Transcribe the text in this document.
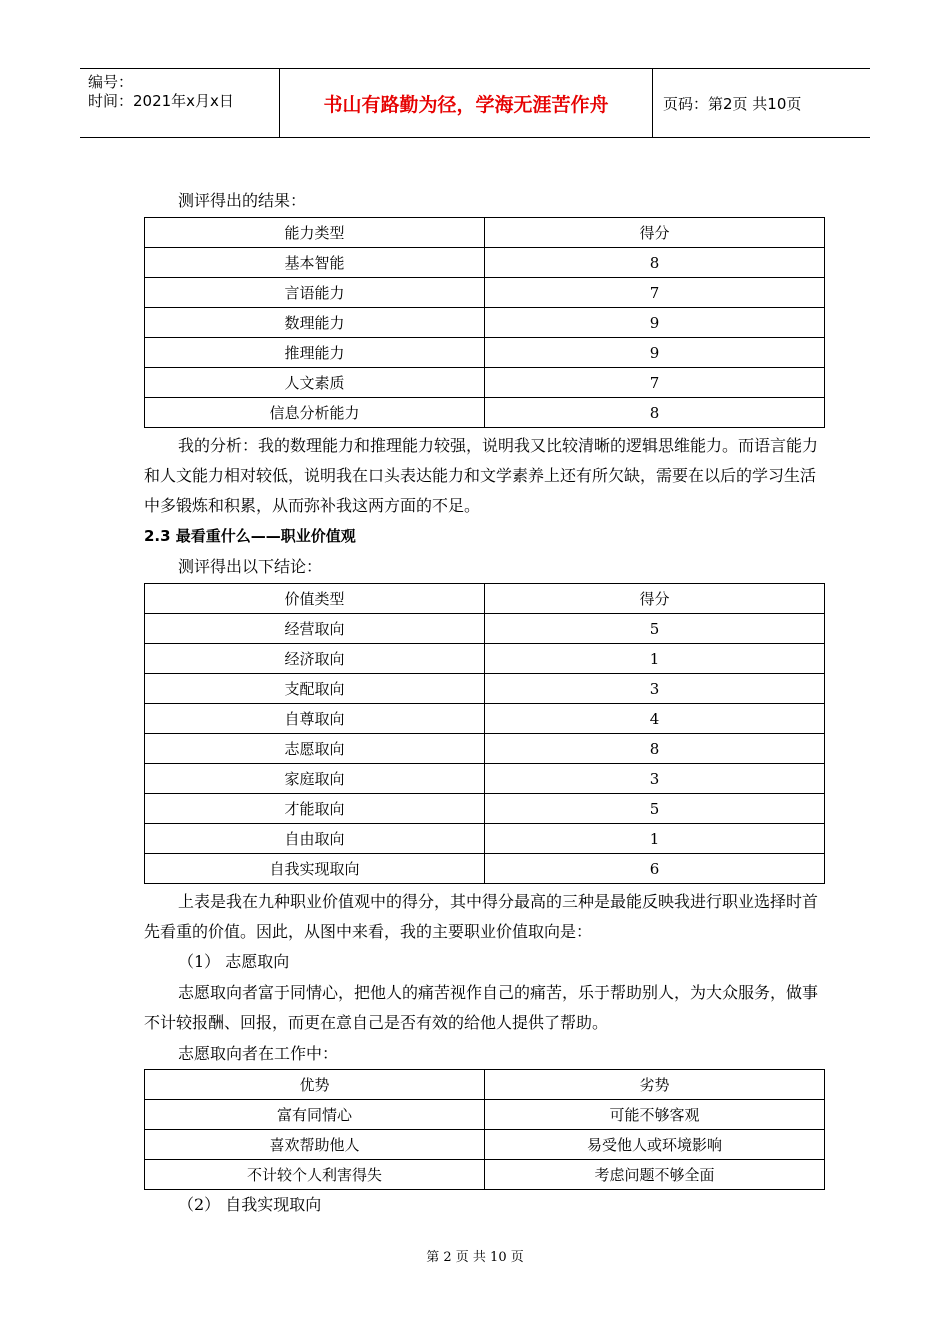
编号：
时间：2021年x月x日	书山有路勤为径，学海无涯苦作舟	页码：第2页 共10页
测评得出的结果：
能力类型	得分
基本智能	8
言语能力	7
数理能力	9
推理能力	9
人文素质	7
信息分析能力	8
我的分析：我的数理能力和推理能力较强，说明我又比较清晰的逻辑思维能力。而语言能力和人文能力相对较低，说明我在口头表达能力和文学素养上还有所欠缺，需要在以后的学习生活中多锻炼和积累，从而弥补我这两方面的不足。
2.3 最看重什么——职业价值观
测评得出以下结论：
价值类型	得分
经营取向	5
经济取向	1
支配取向	3
自尊取向	4
志愿取向	8
家庭取向	3
才能取向	5
自由取向	1
自我实现取向	6
上表是我在九种职业价值观中的得分，其中得分最高的三种是最能反映我进行职业选择时首先看重的价值。因此，从图中来看，我的主要职业价值取向是：
（1） 志愿取向
志愿取向者富于同情心，把他人的痛苦视作自己的痛苦，乐于帮助别人，为大众服务，做事不计较报酬、回报，而更在意自己是否有效的给他人提供了帮助。
志愿取向者在工作中：
优势	劣势
富有同情心	可能不够客观
喜欢帮助他人	易受他人或环境影响
不计较个人利害得失	考虑问题不够全面
（2） 自我实现取向
第 2 页 共 10 页
